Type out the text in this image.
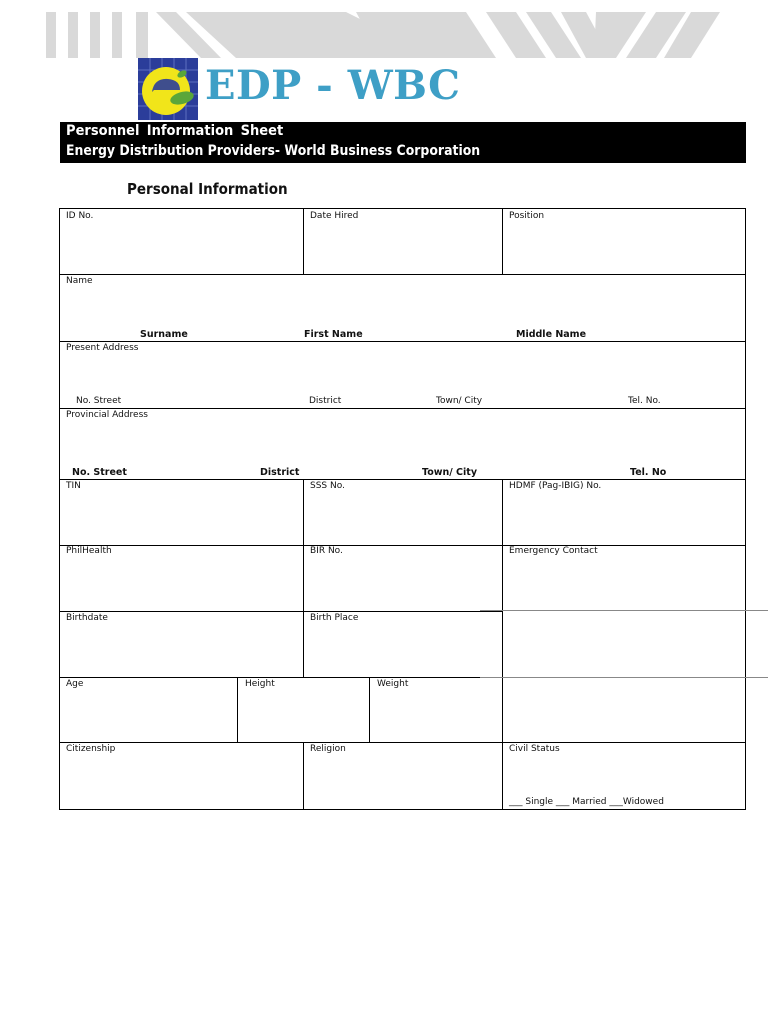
EDP - WBC
Personnel Information Sheet
Energy Distribution Providers- World Business Corporation
Personal Information
ID No.	Date Hired	Position
Name
Surname	First Name	Middle Name
Present Address
No. Street	District	Town/ City	Tel. No.
Provincial Address
No. Street	District	Town/ City	Tel. No
TIN	SSS No.	HDMF (Pag-IBIG) No.
PhilHealth	BIR No.	Emergency Contact
Birthdate	Birth Place
Age	Height	Weight
Citizenship	Religion	Civil Status
___ Single ___ Married ___Widowed
